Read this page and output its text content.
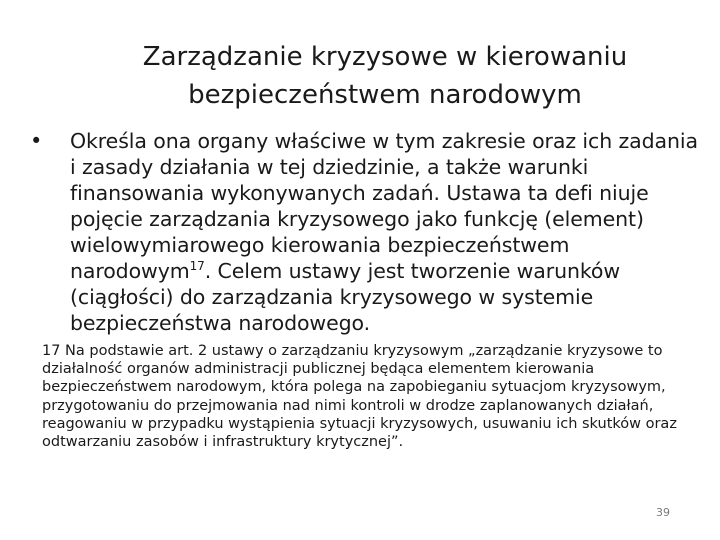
Zarządzanie kryzysowe w kierowaniu
bezpieczeństwem narodowym
• Określa ona organy właściwe w tym zakresie oraz ich zadania i zasady działania w tej dziedzinie, a także warunki finansowania wykonywanych zadań. Ustawa ta defi niuje pojęcie zarządzania kryzysowego jako funkcję (element) wielowymiarowego kierowania bezpieczeństwem narodowym$^{17}$. Celem ustawy jest tworzenie warunków (ciągłości) do zarządzania kryzysowego w systemie bezpieczeństwa narodowego.
17 Na podstawie art. 2 ustawy o zarządzaniu kryzysowym „zarządzanie kryzysowe to działalność organów administracji publicznej będąca elementem kierowania bezpieczeństwem narodowym, która polega na zapobieganiu sytuacjom kryzysowym, przygotowaniu do przejmowania nad nimi kontroli w drodze zaplanowanych działań, reagowaniu w przypadku wystąpienia sytuacji kryzysowych, usuwaniu ich skutków oraz odtwarzaniu zasobów i infrastruktury krytycznej”.
39
